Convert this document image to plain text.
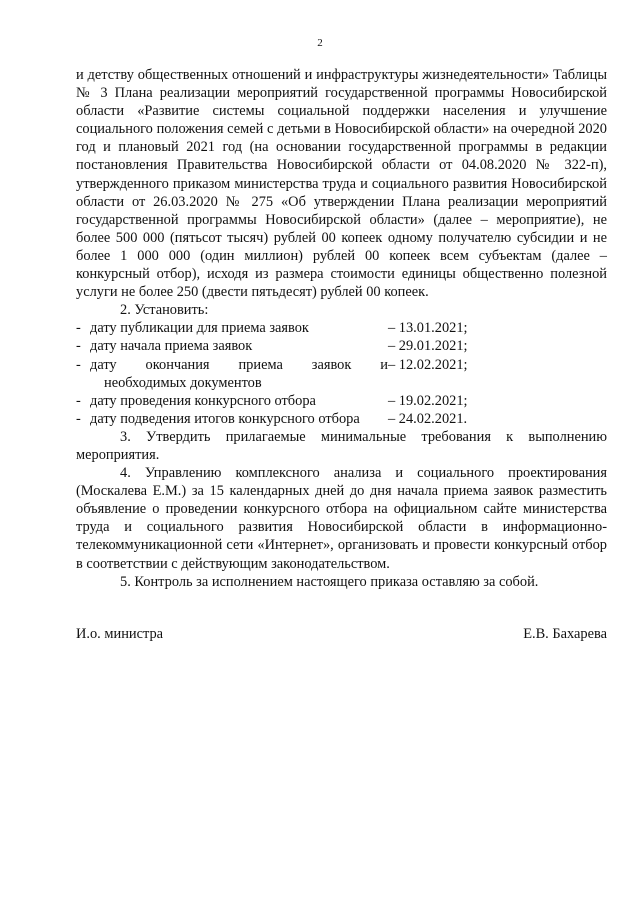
2

и детству общественных отношений и инфраструктуры жизнедеятельности» Таблицы № 3 Плана реализации мероприятий государственной программы Новосибирской области «Развитие системы социальной поддержки населения и улучшение социального положения семей с детьми в Новосибирской области» на очередной 2020 год и плановый 2021 год (на основании государственной программы в редакции постановления Правительства Новосибирской области от 04.08.2020 № 322-п), утвержденного приказом министерства труда и социального развития Новосибирской области от 26.03.2020 № 275 «Об утверждении Плана реализации мероприятий государственной программы Новосибирской области» (далее – мероприятие), не более 500 000 (пятьсот тысяч) рублей 00 копеек одному получателю субсидии и не более 1 000 000 (один миллион) рублей 00 копеек всем субъектам (далее – конкурсный отбор), исходя из размера стоимости единицы общественно полезной услуги не более 250 (двести пятьдесят) рублей 00 копеек.

2. Установить:

- дату публикации для приема заявок	– 13.01.2021;
- дату начала приема заявок	– 29.01.2021;
- дату окончания приема заявок и– 12.02.2021;
необходимых документов
- дату проведения конкурсного отбора	– 19.02.2021;
- дату подведения итогов конкурсного отбора – 24.02.2021.

3. Утвердить прилагаемые минимальные требования к выполнению мероприятия.

4. Управлению комплексного анализа и социального проектирования (Москалева Е.М.) за 15 календарных дней до дня начала приема заявок разместить объявление о проведении конкурсного отбора на официальном сайте министерства труда и социального развития Новосибирской области в информационно-телекоммуникационной сети «Интернет», организовать и провести конкурсный отбор в соответствии с действующим законодательством.

5. Контроль за исполнением настоящего приказа оставляю за собой.

И.о. министра	Е.В. Бахарева
